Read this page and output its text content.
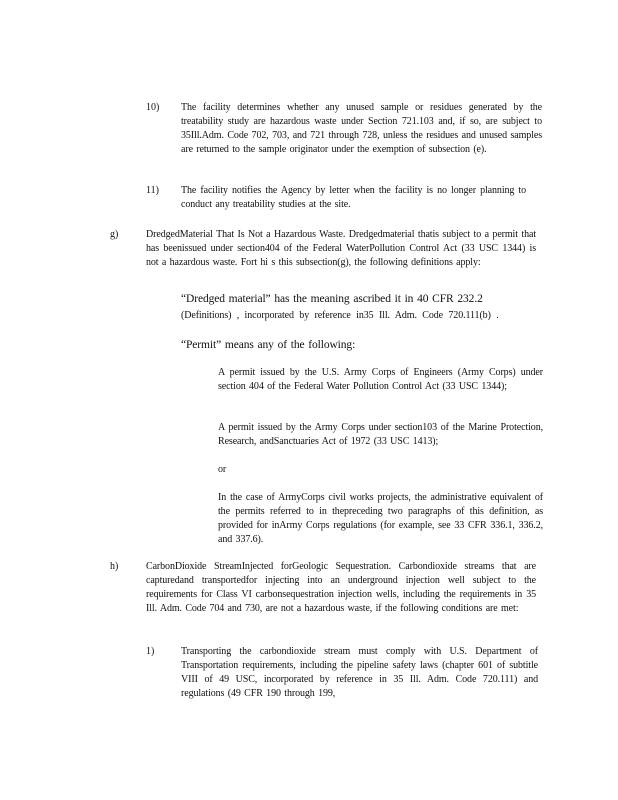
10) The facility determines whether any unused sample or residues generated by the treatability study are hazardous waste under Section 721.103 and, if so, are subject to 35Ill.Adm. Code 702, 703, and 721 through 728, unless the residues and unused samples are returned to the sample originator under the exemption of subsection (e).
11) The facility notifies the Agency by letter when the facility is no longer planning to conduct any treatability studies at the site.
g)	DredgedMaterial That Is Not a Hazardous Waste. Dredgedmaterial thatis subject to a permit that has beenissued under section404 of the Federal WaterPollution Control Act (33 USC 1344) is not a hazardous waste. Fort hi s this subsection(g), the following definitions apply:
“Dredged material” has the meaning ascribed it in 40 CFR 232.2
(Definitions) , incorporated by reference in35 Ill. Adm. Code 720.111(b) .
“Permit” means any of the following:
A permit issued by the U.S. Army Corps of Engineers (Army Corps) under section 404 of the Federal Water Pollution Control Act (33 USC 1344);
A permit issued by the Army Corps under section103 of the Marine Protection, Research, andSanctuaries Act of 1972 (33 USC 1413);
or
In the case of ArmyCorps civil works projects, the administrative equivalent of the permits referred to in thepreceding two paragraphs of this definition, as provided for inArmy Corps regulations (for example, see 33 CFR 336.1, 336.2, and 337.6).
h)	CarbonDioxide StreamInjected forGeologic Sequestration. Carbondioxide streams that are capturedand transportedfor injecting into an underground injection well subject to the requirements for Class VI carbonsequestration injection wells, including the requirements in 35 Ill. Adm. Code 704 and 730, are not a hazardous waste, if the following conditions are met:
1)	Transporting the carbondioxide stream must comply with U.S. Department of Transportation requirements, including the pipeline safety laws (chapter 601 of subtitle VIII of 49 USC, incorporated by reference in 35 Ill. Adm. Code 720.111) and regulations (49 CFR 190 through 199,
